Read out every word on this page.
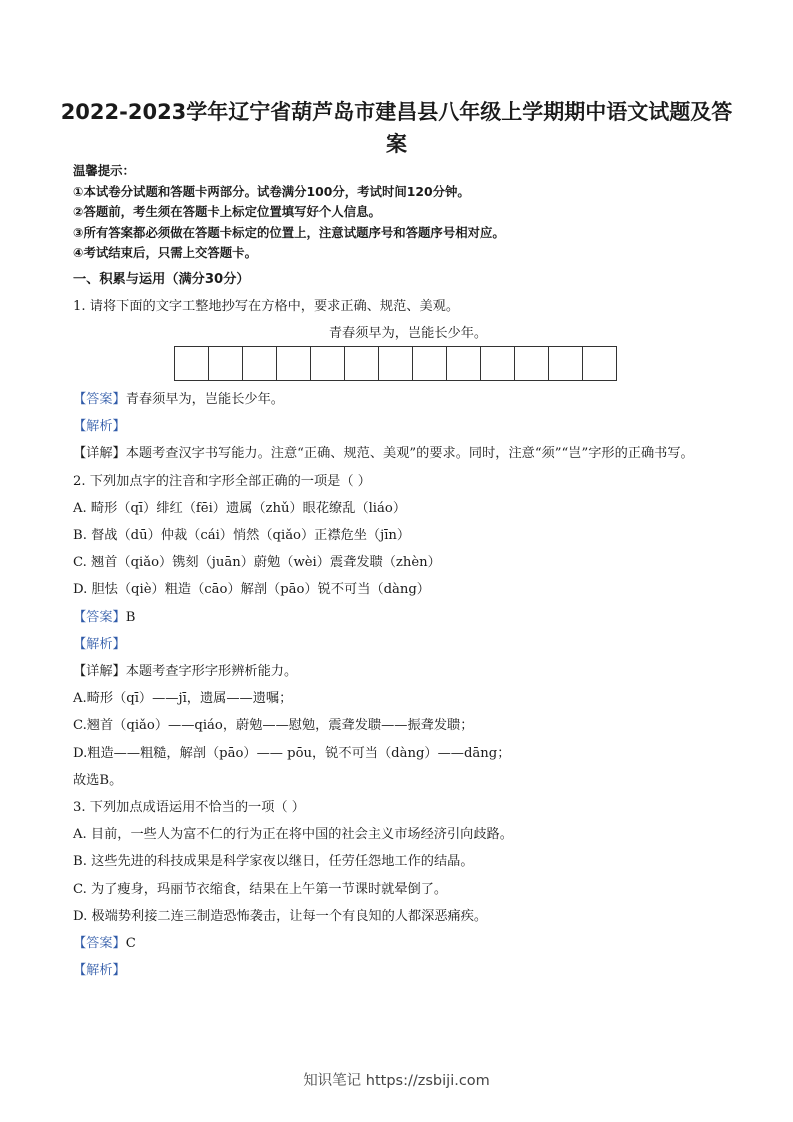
2022-2023学年辽宁省葫芦岛市建昌县八年级上学期期中语文试题及答案
温馨提示：
①本试卷分试题和答题卡两部分。试卷满分100分，考试时间120分钟。
②答题前，考生须在答题卡上标定位置填写好个人信息。
③所有答案都必须做在答题卡标定的位置上，注意试题序号和答题序号相对应。
④考试结束后，只需上交答题卡。
一、积累与运用（满分30分）
1. 请将下面的文字工整地抄写在方格中，要求正确、规范、美观。
青春须早为，岂能长少年。
【答案】青春须早为，岂能长少年。
【解析】
【详解】本题考查汉字书写能力。注意“正确、规范、美观”的要求。同时，注意“须”“岂”字形的正确书写。
2. 下列加点字的注音和字形全部正确的一项是（ ）
A. 畸形（qī）绯红（fēi）遗属（zhǔ）眼花缭乱（liáo）
B. 督战（dū）仲裁（cái）悄然（qiǎo）正襟危坐（jīn）
C. 翘首（qiǎo）镌刻（juān）蔚勉（wèi）震聋发聩（zhèn）
D. 胆怯（qiè）粗造（cāo）解剖（pāo）锐不可当（dàng）
【答案】B
【解析】
【详解】本题考查字形字形辨析能力。
A.畸形（qī）——jī，遗属——遗嘱；
C.翘首（qiǎo）——qiáo，蔚勉——慰勉，震聋发聩——振聋发聩；
D.粗造——粗糙，解剖（pāo）—— pōu，锐不可当（dàng）——dāng；
故选B。
3. 下列加点成语运用不恰当的一项（ ）
A. 目前，一些人为富不仁的行为正在将中国的社会主义市场经济引向歧路。
B. 这些先进的科技成果是科学家夜以继日，任劳任怨地工作的结晶。
C. 为了瘦身，玛丽节衣缩食，结果在上午第一节课时就晕倒了。
D. 极端势利接二连三制造恐怖袭击，让每一个有良知的人都深恶痛疾。
【答案】C
【解析】
知识笔记 https://zsbiji.com
